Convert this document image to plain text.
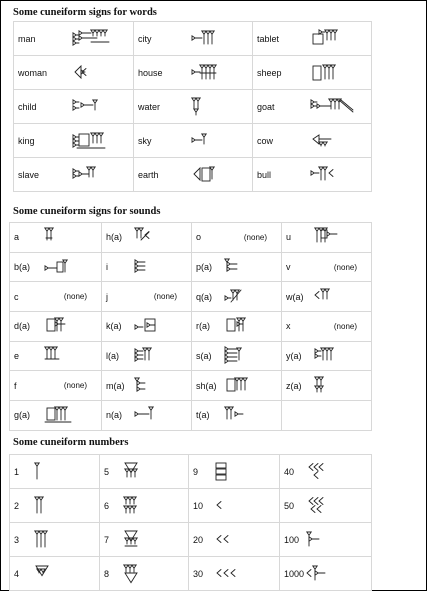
Some cuneiform signs for words
man	city	tablet

woman	house	sheep

child	water	goat

king	sky	cow

slave	earth	bull
Some cuneiform signs for sounds
a	h(a)	o (none)	u

b(a)	i	p(a)	v (none)

c (none)	j (none)	q(a)	w(a)

d(a)	k(a)	r(a)	x (none)

e	l(a)	s(a)	y(a)

f (none)	m(a)	sh(a)	z(a)

g(a)	n(a)	t(a)	

Some cuneiform numbers
1	5	9	40

2	6	10	50

3	7	20	100

4	8	30	1000
